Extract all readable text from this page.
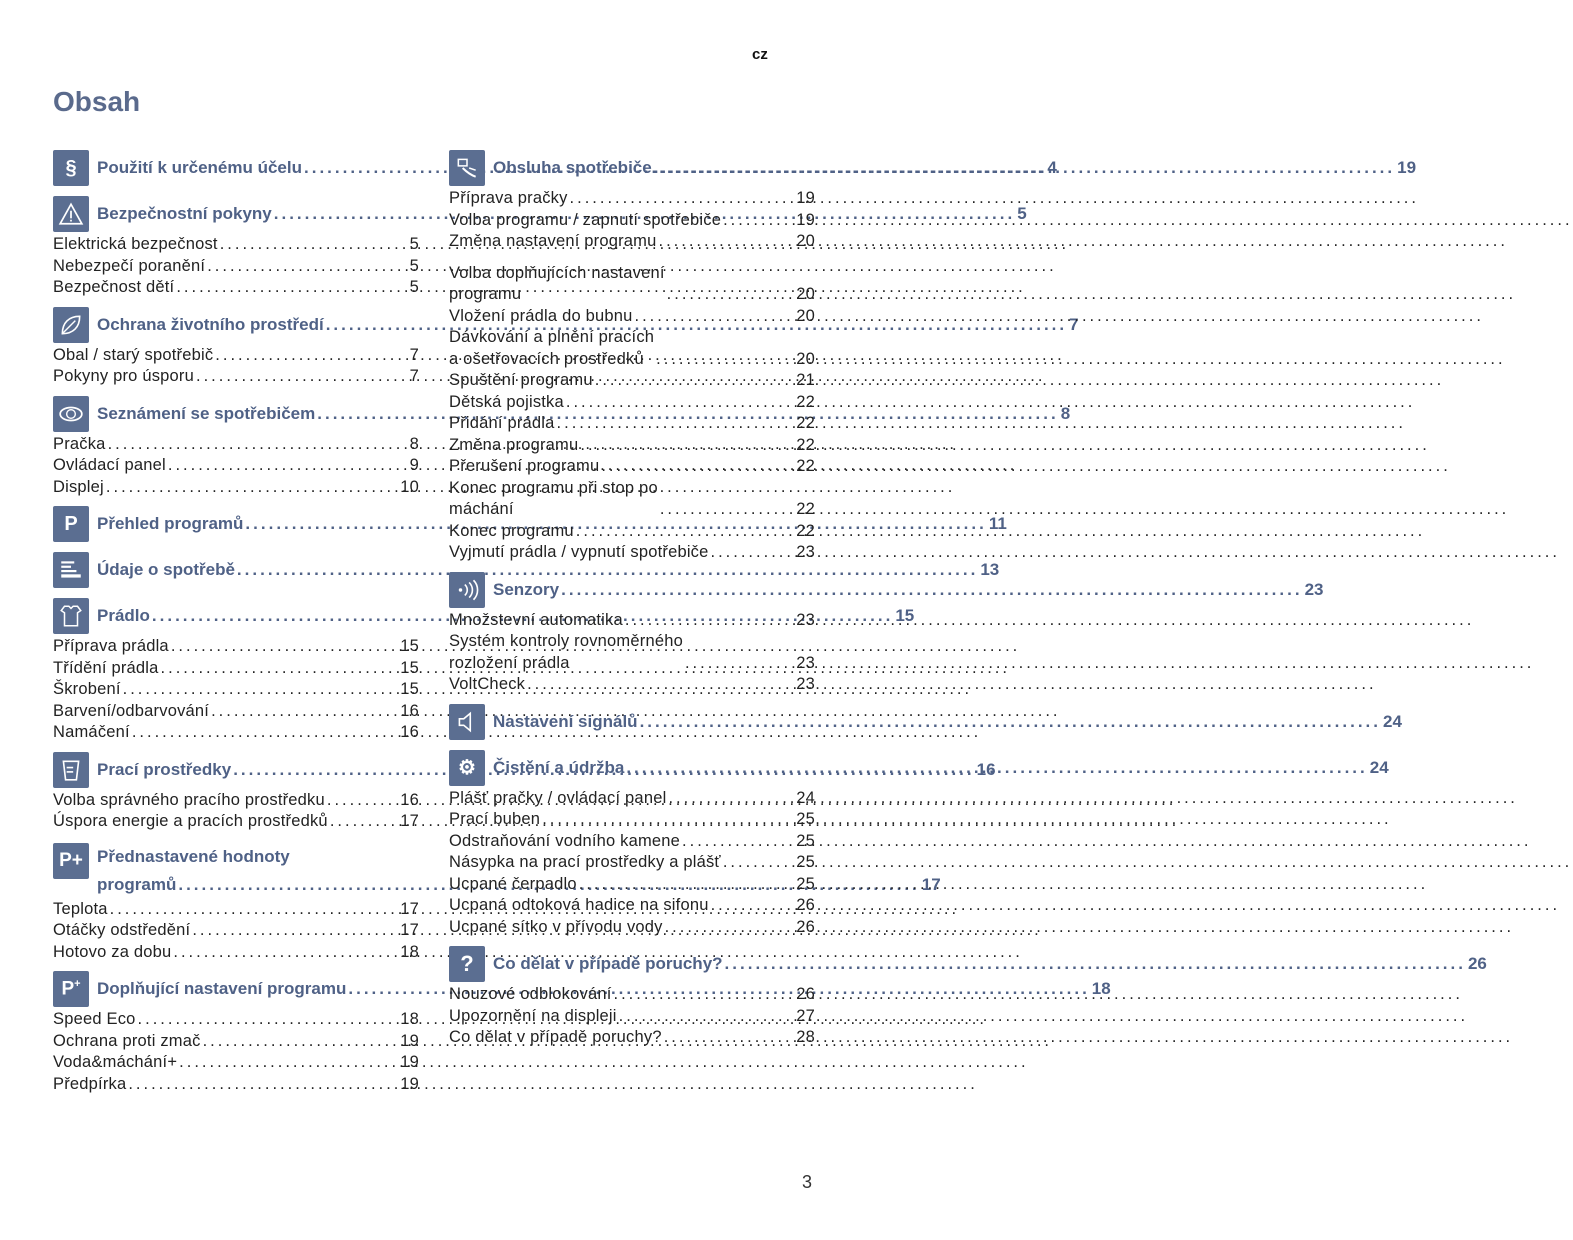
cz
Obsah
§ Použití k určenému účelu .....	4
Bezpečnostní pokyny .....	5
Elektrická bezpečnost .....	5
Nebezpečí poranění .....	5
Bezpečnost dětí .....	5
Ochrana životního prostředí .....	7
Obal / starý spotřebič .....	7
Pokyny pro úsporu .....	7
Seznámení se spotřebičem .....	8
Pračka .....	8
Ovládací panel .....	9
Displej .....	10
P Přehled programů .....	11
Údaje o spotřebě .....	13
Prádlo .....	15
Příprava prádla .....	15
Třídění prádla .....	15
Škrobení .....	15
Barvení/odbarvování .....	16
Namáčení .....	16
Prací prostředky .....	16
Volba správného pracího prostředku .....	16
Úspora energie a pracích prostředků .....	17
P+ Přednastavené hodnoty
programů .....	17
Teplota .....	17
Otáčky odstředění .....	17
Hotovo za dobu .....	18
P+ Doplňující nastavení programu .....	18
Speed Eco .....	18
Ochrana proti zmač .....	19
Voda&máchání+ .....	19
Předpírka .....	19
Obsluha spotřebiče .....	19
Příprava pračky .....	19
Volba programu / zapnutí spotřebiče .....	19
Změna nastavení programu .....	20
Volba doplňujících nastavení
programu .....	20
Vložení prádla do bubnu .....	20
Dávkování a plnění pracích
a ošetřovacích prostředků .....	20
Spuštění programu .....	21
Dětská pojistka .....	22
Přidání prádla .....	22
Změna programu .....	22
Přerušení programu .....	22
Konec programu při stop po
máchání .....	22
Konec programu .....	22
Vyjmutí prádla / vypnutí spotřebiče .....	23
Senzory .....	23
Množstevní automatika .....	23
Systém kontroly rovnoměrného
rozložení prádla .....	23
VoltCheck .....	23
Nastavení signálů .....	24
⚙ Čistění a údržba .....	24
Plášť pračky / ovládací panel .....	24
Prací buben .....	25
Odstraňování vodního kamene .....	25
Násypka na prací prostředky a plášť .....	25
Ucpané čerpadlo .....	25
Ucpaná odtoková hadice na sifonu .....	26
Ucpané sítko v přívodu vody .....	26
? Co dělat v případě poruchy? .....	26
Nouzové odblokování .....	26
Upozornění na displeji .....	27
Co dělat v případě poruchy? .....	28
3
